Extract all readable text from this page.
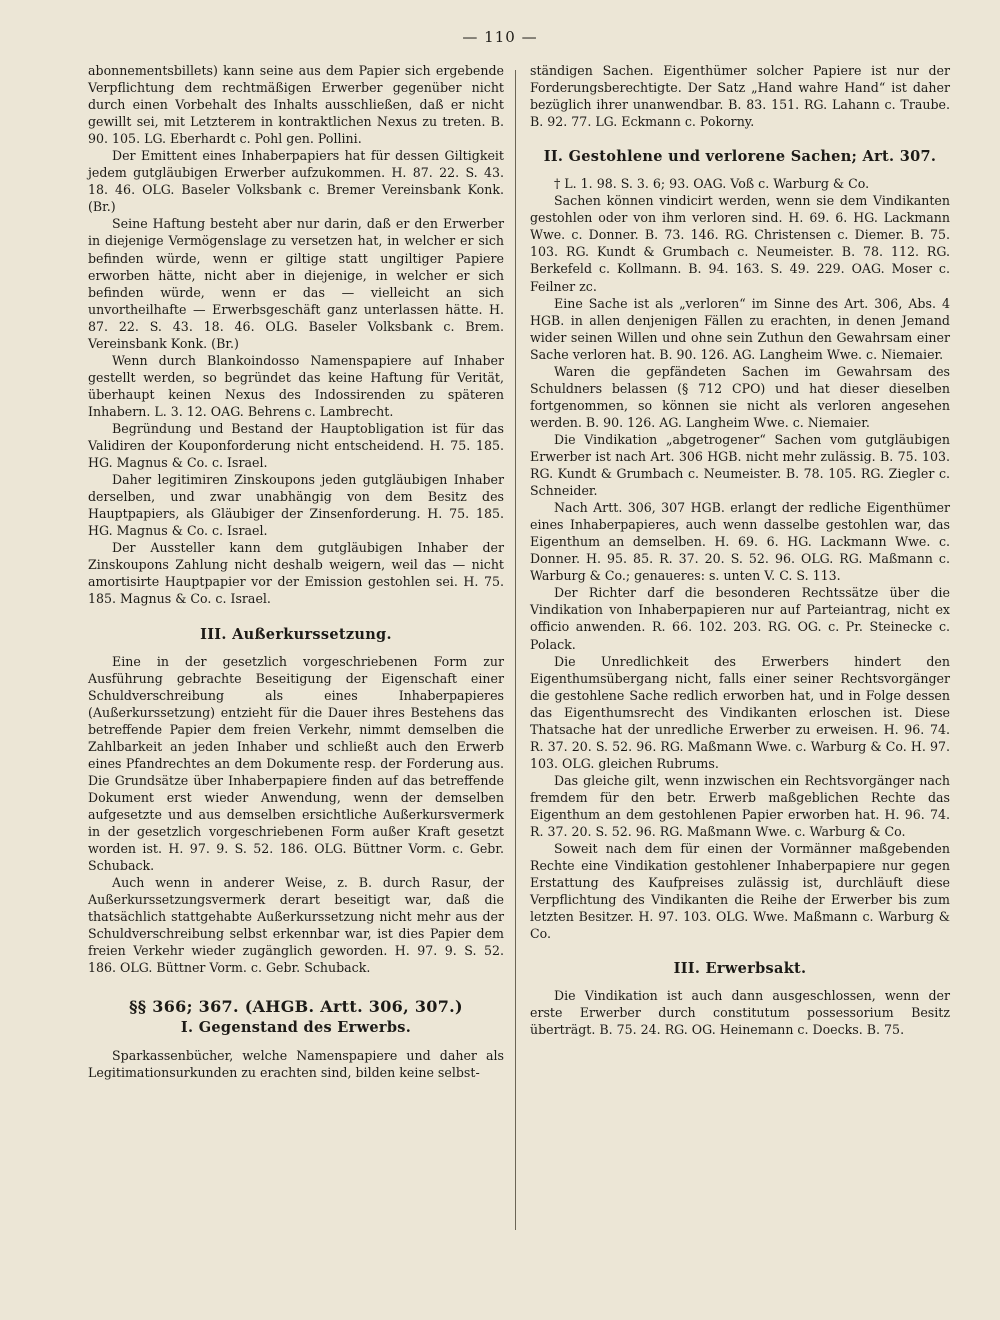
— 110 —

abonnementsbillets) kann seine aus dem Papier sich ergebende Verpflichtung dem rechtmäßigen Erwerber gegenüber nicht durch einen Vorbehalt des Inhalts ausschließen, daß er nicht gewillt sei, mit Letzterem in kontraktlichen Nexus zu treten. B. 90. 105. LG. Eberhardt c. Pohl gen. Pollini.

Der Emittent eines Inhaberpapiers hat für dessen Giltigkeit jedem gutgläubigen Erwerber aufzukommen. H. 87. 22. S. 43. 18. 46. OLG. Baseler Volksbank c. Bremer Vereinsbank Konk. (Br.)

Seine Haftung besteht aber nur darin, daß er den Erwerber in diejenige Vermögenslage zu versetzen hat, in welcher er sich befinden würde, wenn er giltige statt ungiltiger Papiere erworben hätte, nicht aber in diejenige, in welcher er sich befinden würde, wenn er das — vielleicht an sich unvortheilhafte — Erwerbsgeschäft ganz unterlassen hätte. H. 87. 22. S. 43. 18. 46. OLG. Baseler Volksbank c. Brem. Vereinsbank Konk. (Br.)

Wenn durch Blankoindosso Namenspapiere auf Inhaber gestellt werden, so begründet das keine Haftung für Verität, überhaupt keinen Nexus des Indossirenden zu späteren Inhabern. L. 3. 12. OAG. Behrens c. Lambrecht.

Begründung und Bestand der Hauptobligation ist für das Validiren der Kouponforderung nicht entscheidend. H. 75. 185. HG. Magnus & Co. c. Israel.

Daher legitimiren Zinskoupons jeden gutgläubigen Inhaber derselben, und zwar unabhängig von dem Besitz des Hauptpapiers, als Gläubiger der Zinsenforderung. H. 75. 185. HG. Magnus & Co. c. Israel.

Der Aussteller kann dem gutgläubigen Inhaber der Zinskoupons Zahlung nicht deshalb weigern, weil das — nicht amortisirte Hauptpapier vor der Emission gestohlen sei. H. 75. 185. Magnus & Co. c. Israel.

III. Außerkurssetzung.

Eine in der gesetzlich vorgeschriebenen Form zur Ausführung gebrachte Beseitigung der Eigenschaft einer Schuldverschreibung als eines Inhaberpapieres (Außerkurssetzung) entzieht für die Dauer ihres Bestehens das betreffende Papier dem freien Verkehr, nimmt demselben die Zahlbarkeit an jeden Inhaber und schließt auch den Erwerb eines Pfandrechtes an dem Dokumente resp. der Forderung aus. Die Grundsätze über Inhaberpapiere finden auf das betreffende Dokument erst wieder Anwendung, wenn der demselben aufgesetzte und aus demselben ersichtliche Außerkursvermerk in der gesetzlich vorgeschriebenen Form außer Kraft gesetzt worden ist. H. 97. 9. S. 52. 186. OLG. Büttner Vorm. c. Gebr. Schuback.

Auch wenn in anderer Weise, z. B. durch Rasur, der Außerkurssetzungsvermerk derart beseitigt war, daß die thatsächlich stattgehabte Außerkurssetzung nicht mehr aus der Schuldverschreibung selbst erkennbar war, ist dies Papier dem freien Verkehr wieder zugänglich geworden. H. 97. 9. S. 52. 186. OLG. Büttner Vorm. c. Gebr. Schuback.

§§ 366; 367. (AHGB. Artt. 306, 307.)
I. Gegenstand des Erwerbs.

Sparkassenbücher, welche Namenspapiere und daher als Legitimationsurkunden zu erachten sind, bilden keine selbst-

ständigen Sachen. Eigenthümer solcher Papiere ist nur der Forderungsberechtigte. Der Satz „Hand wahre Hand“ ist daher bezüglich ihrer unanwendbar. B. 83. 151. RG. Lahann c. Traube. B. 92. 77. LG. Eckmann c. Pokorny.

II. Gestohlene und verlorene Sachen; Art. 307.

† L. 1. 98. S. 3. 6; 93. OAG. Voß c. Warburg & Co.

Sachen können vindicirt werden, wenn sie dem Vindikanten gestohlen oder von ihm verloren sind. H. 69. 6. HG. Lackmann Wwe. c. Donner. B. 73. 146. RG. Christensen c. Diemer. B. 75. 103. RG. Kundt & Grumbach c. Neumeister. B. 78. 112. RG. Berkefeld c. Kollmann. B. 94. 163. S. 49. 229. OAG. Moser c. Feilner zc.

Eine Sache ist als „verloren“ im Sinne des Art. 306, Abs. 4 HGB. in allen denjenigen Fällen zu erachten, in denen Jemand wider seinen Willen und ohne sein Zuthun den Gewahrsam einer Sache verloren hat. B. 90. 126. AG. Langheim Wwe. c. Niemaier.

Waren die gepfändeten Sachen im Gewahrsam des Schuldners belassen (§ 712 CPO) und hat dieser dieselben fortgenommen, so können sie nicht als verloren angesehen werden. B. 90. 126. AG. Langheim Wwe. c. Niemaier.

Die Vindikation „abgetrogener“ Sachen vom gutgläubigen Erwerber ist nach Art. 306 HGB. nicht mehr zulässig. B. 75. 103. RG. Kundt & Grumbach c. Neumeister. B. 78. 105. RG. Ziegler c. Schneider.

Nach Artt. 306, 307 HGB. erlangt der redliche Eigenthümer eines Inhaberpapieres, auch wenn dasselbe gestohlen war, das Eigenthum an demselben. H. 69. 6. HG. Lackmann Wwe. c. Donner. H. 95. 85. R. 37. 20. S. 52. 96. OLG. RG. Maßmann c. Warburg & Co.; genaueres: s. unten V. C. S. 113.

Der Richter darf die besonderen Rechtssätze über die Vindikation von Inhaberpapieren nur auf Parteiantrag, nicht ex officio anwenden. R. 66. 102. 203. RG. OG. c. Pr. Steinecke c. Polack.

Die Unredlichkeit des Erwerbers hindert den Eigenthumsübergang nicht, falls einer seiner Rechtsvorgänger die gestohlene Sache redlich erworben hat, und in Folge dessen das Eigenthumsrecht des Vindikanten erloschen ist. Diese Thatsache hat der unredliche Erwerber zu erweisen. H. 96. 74. R. 37. 20. S. 52. 96. RG. Maßmann Wwe. c. Warburg & Co. H. 97. 103. OLG. gleichen Rubrums.

Das gleiche gilt, wenn inzwischen ein Rechtsvorgänger nach fremdem für den betr. Erwerb maßgeblichen Rechte das Eigenthum an dem gestohlenen Papier erworben hat. H. 96. 74. R. 37. 20. S. 52. 96. RG. Maßmann Wwe. c. Warburg & Co.

Soweit nach dem für einen der Vormänner maßgebenden Rechte eine Vindikation gestohlener Inhaberpapiere nur gegen Erstattung des Kaufpreises zulässig ist, durchläuft diese Verpflichtung des Vindikanten die Reihe der Erwerber bis zum letzten Besitzer. H. 97. 103. OLG. Wwe. Maßmann c. Warburg & Co.

III. Erwerbsakt.

Die Vindikation ist auch dann ausgeschlossen, wenn der erste Erwerber durch constitutum possessorium Besitz überträgt. B. 75. 24. RG. OG. Heinemann c. Doecks. B. 75.
